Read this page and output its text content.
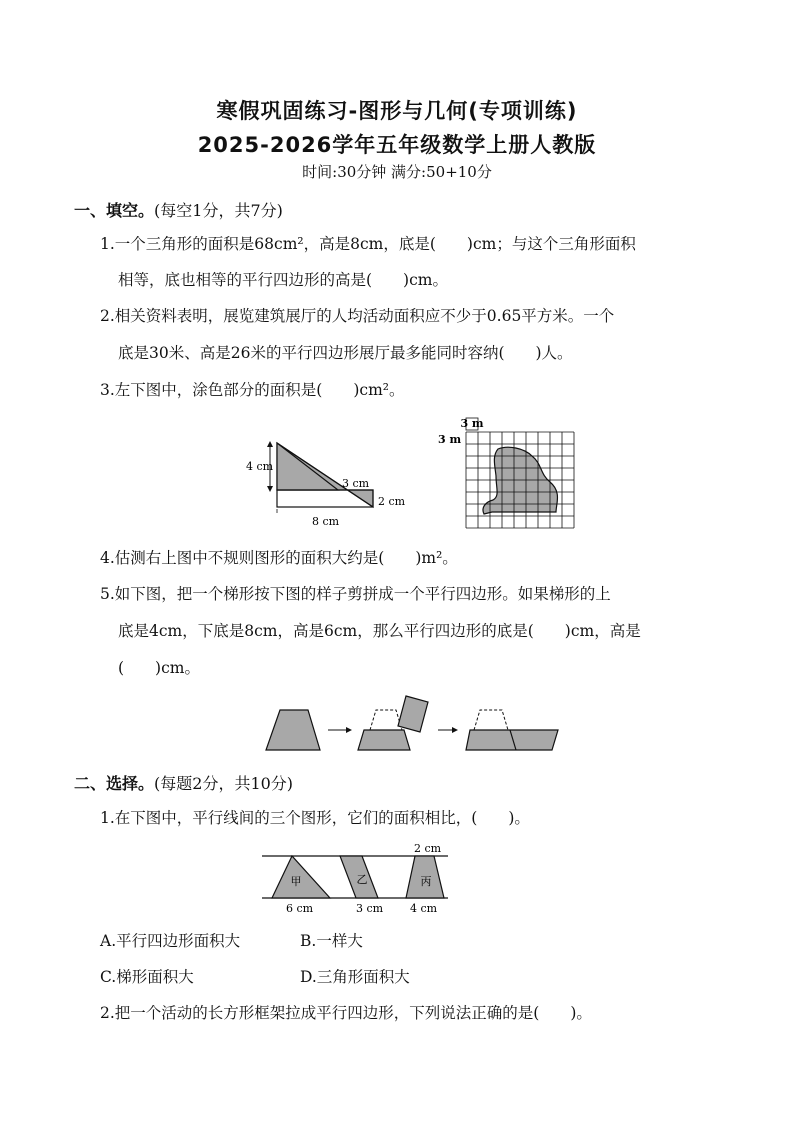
寒假巩固练习-图形与几何(专项训练)
2025-2026学年五年级数学上册人教版
时间:30分钟 满分:50+10分
一、填空。(每空1分，共7分)
1.一个三角形的面积是68cm²，高是8cm，底是(　　)cm；与这个三角形面积
相等，底也相等的平行四边形的高是(　　)cm。
2.相关资料表明，展览建筑展厅的人均活动面积应不少于0.65平方米。一个
底是30米、高是26米的平行四边形展厅最多能同时容纳(　　)人。
3.左下图中，涂色部分的面积是(　　)cm²。
4 cm
3 cm
2 cm
8 cm
3 m
3 m
4.估测右上图中不规则图形的面积大约是(　　)m²。
5.如下图，把一个梯形按下图的样子剪拼成一个平行四边形。如果梯形的上
底是4cm，下底是8cm，高是6cm，那么平行四边形的底是(　　)cm，高是
(　　)cm。
二、选择。(每题2分，共10分)
1.在下图中，平行线间的三个图形，它们的面积相比，(　　)。
甲	乙	丙
2 cm
6 cm	3 cm 4 cm
A.平行四边形面积大	B.一样大
C.梯形面积大	D.三角形面积大
2.把一个活动的长方形框架拉成平行四边形，下列说法正确的是(　　)。
